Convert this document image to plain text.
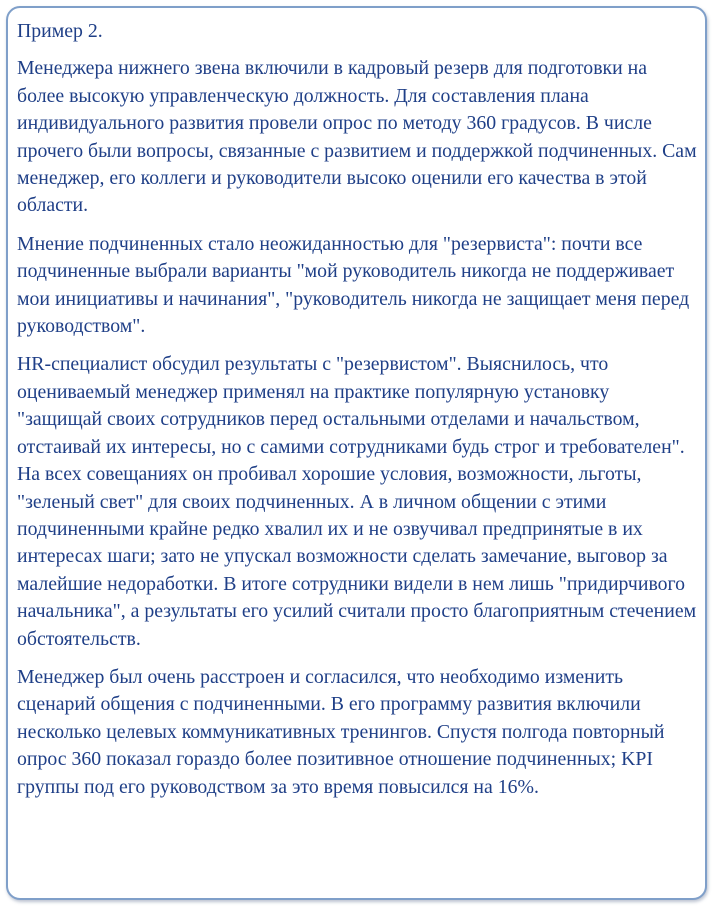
Пример 2.

Менеджера нижнего звена включили в кадровый резерв для подготовки на более высокую управленческую должность. Для составления плана индивидуального развития провели опрос по методу 360 градусов. В числе прочего были вопросы, связанные с развитием и поддержкой подчиненных. Сам менеджер, его коллеги и руководители высоко оценили его качества в этой области.

Мнение подчиненных стало неожиданностью для "резервиста": почти все подчиненные выбрали варианты "мой руководитель никогда не поддерживает мои инициативы и начинания", "руководитель никогда не защищает меня перед руководством".

HR-специалист обсудил результаты с "резервистом". Выяснилось, что оцениваемый менеджер применял на практике популярную установку "защищай своих сотрудников перед остальными отделами и начальством, отстаивай их интересы, но с самими сотрудниками будь строг и требователен". На всех совещаниях он пробивал хорошие условия, возможности, льготы, "зеленый свет" для своих подчиненных. А в личном общении с этими подчиненными крайне редко хвалил их и не озвучивал предпринятые в их интересах шаги; зато не упускал возможности сделать замечание, выговор за малейшие недоработки. В итоге сотрудники видели в нем лишь "придирчивого начальника", а результаты его усилий считали просто благоприятным стечением обстоятельств.

Менеджер был очень расстроен и согласился, что необходимо изменить сценарий общения с подчиненными. В его программу развития включили несколько целевых коммуникативных тренингов. Спустя полгода повторный опрос 360 показал гораздо более позитивное отношение подчиненных; KPI группы под его руководством за это время повысился на 16%.
